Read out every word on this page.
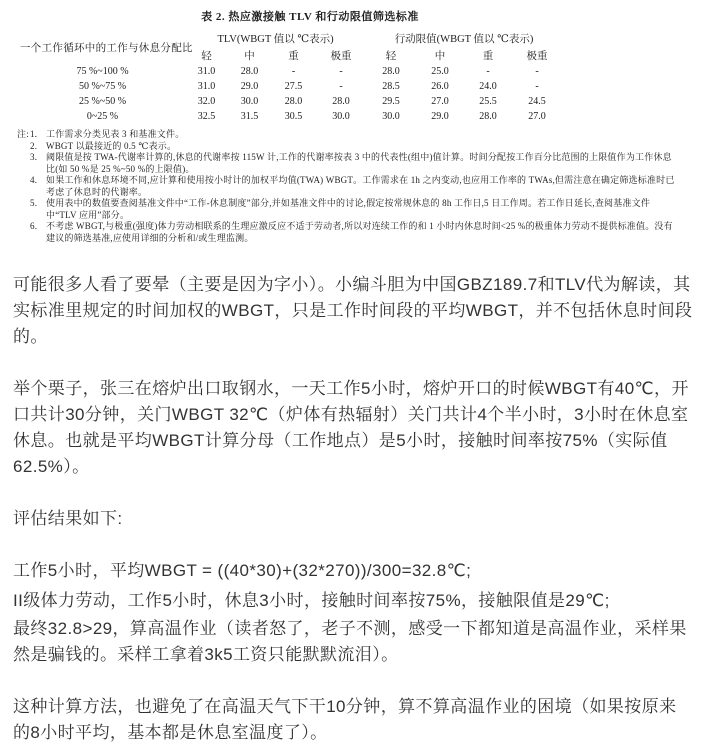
表 2. 热应激接触 TLV 和行动限值筛选标准
一个工作循环中的工作与休息分配比	TLV(WBGT 值以 ℃表示)				行动限值(WBGT 值以 ℃表示)			
	轻	中	重	极重	轻	中	重	极重
75 %~100 %	31.0	28.0	-	-	28.0	25.0	-	-
50 %~75 %	31.0	29.0	27.5	-	28.5	26.0	24.0	-
25 %~50 %	32.0	30.0	28.0	28.0	29.5	27.0	25.5	24.5
0~25 %	32.5	31.5	30.5	30.0	30.0	29.0	28.0	27.0
注: 1. 工作需求分类见表 3 和基准文件。
2. WBGT 以最接近的 0.5 ℃表示。
3. 阈限值是按 TWA-代谢率计算的,休息的代谢率按 115W 计,工作的代谢率按表 3 中的代表性(组中)值计算。时间分配按工作百分比范围的上限值作为工作休息比(如 50 %是 25 %~50 %的上限值)。
4. 如果工作和休息环境不同,应计算和使用按小时计的加权平均值(TWA) WBGT。工作需求在 1h 之内变动,也应用工作率的 TWAs,但需注意在确定筛选标准时已考虑了休息时的代谢率。
5. 使用表中的数值要查阅基准文件中“工作-休息制度”部分,并如基准文件中的讨论,假定按常规休息的 8h 工作日,5 日工作周。若工作日延长,查阅基准文件中“TLV 应用”部分。
6. 不考虑 WBGT,与极重(强度)体力劳动相联系的生理应激反应不适于劳动者,所以对连续工作的和 1 小时内休息时间<25 %的极重体力劳动不提供标准值。没有建议的筛选基准,应使用详细的分析和/或生理监测。

可能很多人看了要晕（主要是因为字小）。小编斗胆为中国GBZ189.7和TLV代为解读，其实标准里规定的时间加权的WBGT，只是工作时间段的平均WBGT，并不包括休息时间段的。

举个栗子，张三在熔炉出口取钢水，一天工作5小时，熔炉开口的时候WBGT有40℃，开口共计30分钟，关门WBGT 32℃（炉体有热辐射）关门共计4个半小时，3小时在休息室休息。也就是平均WBGT计算分母（工作地点）是5小时，接触时间率按75%（实际值62.5%）。

评估结果如下:

工作5小时，平均WBGT = ((40*30)+(32*270))/300=32.8℃;

II级体力劳动，工作5小时，休息3小时，接触时间率按75%，接触限值是29℃;

最终32.8>29，算高温作业（读者怒了，老子不测，感受一下都知道是高温作业，采样果然是骗钱的。采样工拿着3k5工资只能默默流泪）。

这种计算方法，也避免了在高温天气下干10分钟，算不算高温作业的困境（如果按原来的8小时平均，基本都是休息室温度了）。
